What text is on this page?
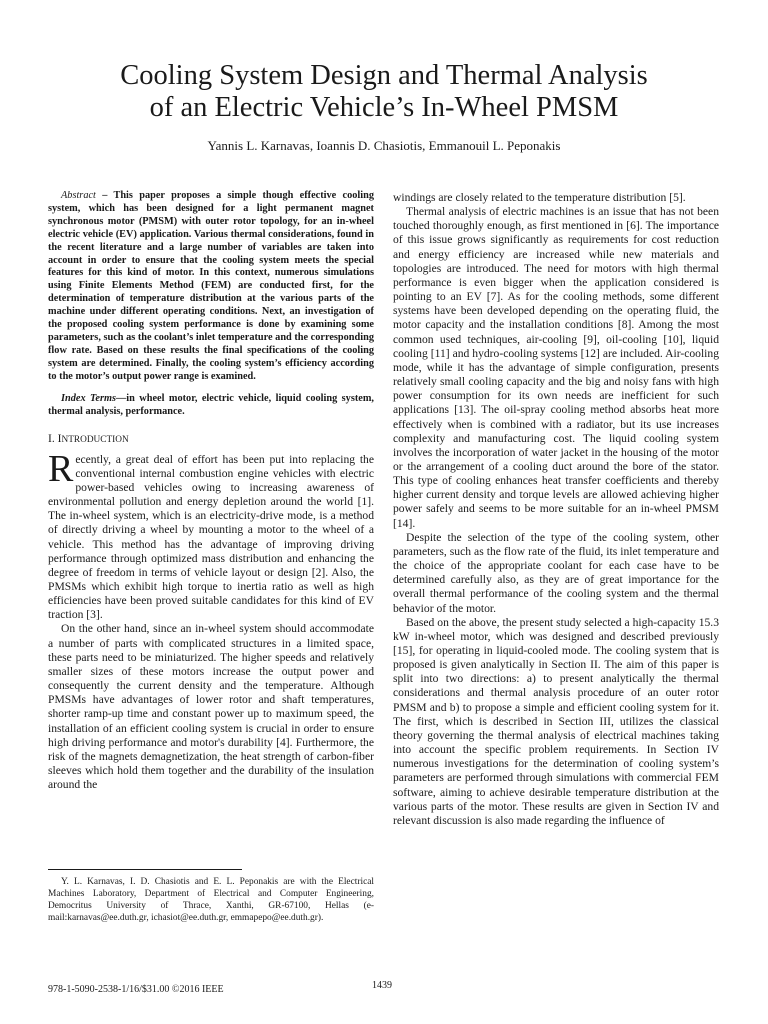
Cooling System Design and Thermal Analysis
of an Electric Vehicle’s In-Wheel PMSM
Yannis L. Karnavas, Ioannis D. Chasiotis, Emmanouil L. Peponakis

Abstract – This paper proposes a simple though effective cooling system, which has been designed for a light permanent magnet synchronous motor (PMSM) with outer rotor topology, for an in-wheel electric vehicle (EV) application. Various thermal considerations, found in the recent literature and a large number of variables are taken into account in order to ensure that the cooling system meets the special features for this kind of motor. In this context, numerous simulations using Finite Elements Method (FEM) are conducted first, for the determination of temperature distribution at the various parts of the machine under different operating conditions. Next, an investigation of the proposed cooling system performance is done by examining some parameters, such as the coolant’s inlet temperature and the corresponding flow rate. Based on these results the final specifications of the cooling system are determined. Finally, the cooling system’s efficiency according to the motor’s output power range is examined.

Index Terms—in wheel motor, electric vehicle, liquid cooling system, thermal analysis, performance.

I. INTRODUCTION

Recently, a great deal of effort has been put into replacing the conventional internal combustion engine vehicles with electric power-based vehicles owing to increasing awareness of environmental pollution and energy depletion around the world [1]. The in-wheel system, which is an electricity-drive mode, is a method of directly driving a wheel by mounting a motor to the wheel of a vehicle. This method has the advantage of improving driving performance through optimized mass distribution and enhancing the degree of freedom in terms of vehicle layout or design [2]. Also, the PMSMs which exhibit high torque to inertia ratio as well as high efficiencies have been proved suitable candidates for this kind of EV traction [3].

On the other hand, since an in-wheel system should accommodate a number of parts with complicated structures in a limited space, these parts need to be miniaturized. The higher speeds and relatively smaller sizes of these motors increase the output power and consequently the current density and the temperature. Although PMSMs have advantages of lower rotor and shaft temperatures, shorter ramp-up time and constant power up to maximum speed, the installation of an efficient cooling system is crucial in order to ensure high driving performance and motor's durability [4]. Furthermore, the risk of the magnets demagnetization, the heat strength of carbon-fiber sleeves which hold them together and the durability of the insulation around the

windings are closely related to the temperature distribution [5].

Thermal analysis of electric machines is an issue that has not been touched thoroughly enough, as first mentioned in [6]. The importance of this issue grows significantly as requirements for cost reduction and energy efficiency are increased while new materials and topologies are introduced. The need for motors with high thermal performance is even bigger when the application considered is pointing to an EV [7]. As for the cooling methods, some different systems have been developed depending on the operating fluid, the motor capacity and the installation conditions [8]. Among the most common used techniques, air-cooling [9], oil-cooling [10], liquid cooling [11] and hydro-cooling systems [12] are included. Air-cooling mode, while it has the advantage of simple configuration, presents relatively small cooling capacity and the big and noisy fans with high power consumption for its own needs are inefficient for such applications [13]. The oil-spray cooling method absorbs heat more effectively when is combined with a radiator, but its use increases complexity and manufacturing cost. The liquid cooling system involves the incorporation of water jacket in the housing of the motor or the arrangement of a cooling duct around the bore of the stator. This type of cooling enhances heat transfer coefficients and thereby higher current density and torque levels are allowed achieving higher power safely and seems to be more suitable for an in-wheel PMSM [14].

Despite the selection of the type of the cooling system, other parameters, such as the flow rate of the fluid, its inlet temperature and the choice of the appropriate coolant for each case have to be determined carefully also, as they are of great importance for the overall thermal performance of the cooling system and the thermal behavior of the motor.

Based on the above, the present study selected a high-capacity 15.3 kW in-wheel motor, which was designed and described previously [15], for operating in liquid-cooled mode. The cooling system that is proposed is given analytically in Section II. The aim of this paper is split into two directions: a) to present analytically the thermal considerations and thermal analysis procedure of an outer rotor PMSM and b) to propose a simple and efficient cooling system for it. The first, which is described in Section III, utilizes the classical theory governing the thermal analysis of electrical machines taking into account the specific problem requirements. In Section IV numerous investigations for the determination of cooling system’s parameters are performed through simulations with commercial FEM software, aiming to achieve desirable temperature distribution at the various parts of the motor. These results are given in Section IV and relevant discussion is also made regarding the influence of

Y. L. Karnavas, I. D. Chasiotis and E. L. Peponakis are with the Electrical Machines Laboratory, Department of Electrical and Computer Engineering, Democritus University of Thrace, Xanthi, GR-67100, Hellas (e-mail:karnavas@ee.duth.gr, ichasiot@ee.duth.gr, emmapepo@ee.duth.gr).

978-1-5090-2538-1/16/$31.00 ©2016 IEEE	1439
